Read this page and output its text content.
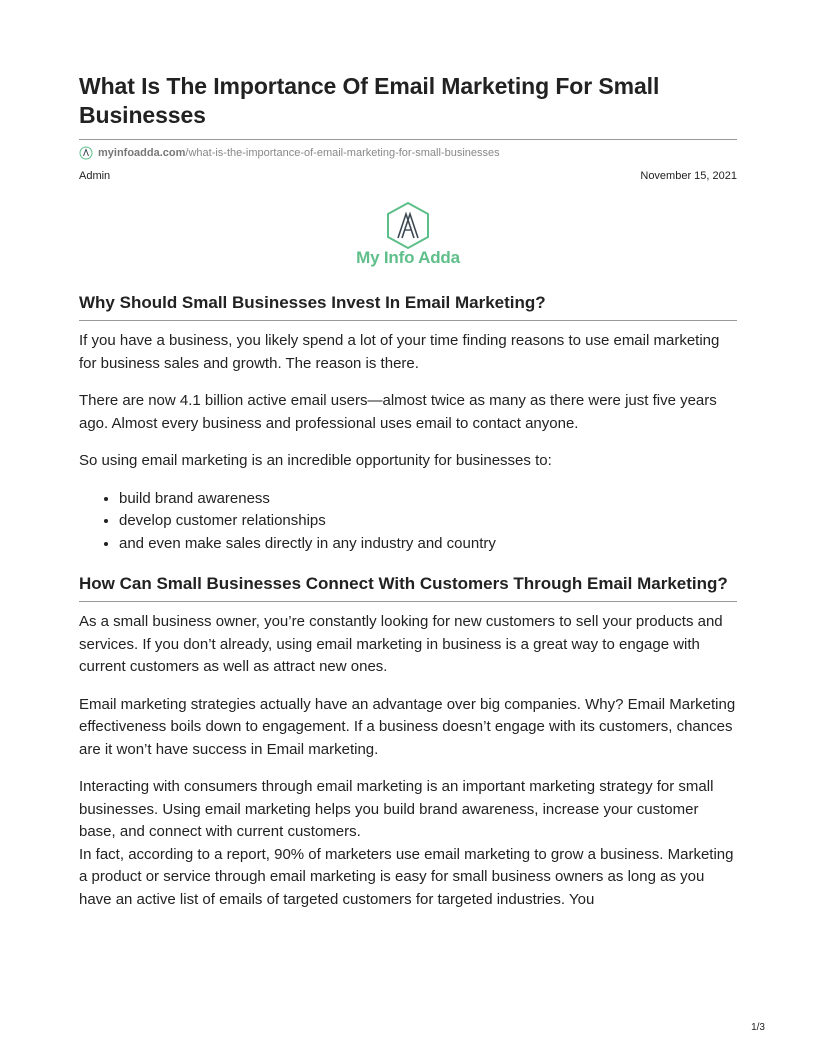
What Is The Importance Of Email Marketing For Small Businesses
myinfoadda.com /what-is-the-importance-of-email-marketing-for-small-businesses
Admin	November 15, 2021
My Info Adda
Why Should Small Businesses Invest In Email Marketing?

If you have a business, you likely spend a lot of your time finding reasons to use email marketing for business sales and growth. The reason is there.

There are now 4.1 billion active email users—almost twice as many as there were just five years ago. Almost every business and professional uses email to contact anyone.

So using email marketing is an incredible opportunity for businesses to:

• build brand awareness
• develop customer relationships
• and even make sales directly in any industry and country
How Can Small Businesses Connect With Customers Through Email Marketing?

As a small business owner, you’re constantly looking for new customers to sell your products and services. If you don’t already, using email marketing in business is a great way to engage with current customers as well as attract new ones.

Email marketing strategies actually have an advantage over big companies. Why? Email Marketing effectiveness boils down to engagement. If a business doesn’t engage with its customers, chances are it won’t have success in Email marketing.

Interacting with consumers through email marketing is an important marketing strategy for small businesses. Using email marketing helps you build brand awareness, increase your customer base, and connect with current customers.

In fact, according to a report, 90% of marketers use email marketing to grow a business. Marketing a product or service through email marketing is easy for small business owners as long as you have an active list of emails of targeted customers for targeted industries. You

1/3
